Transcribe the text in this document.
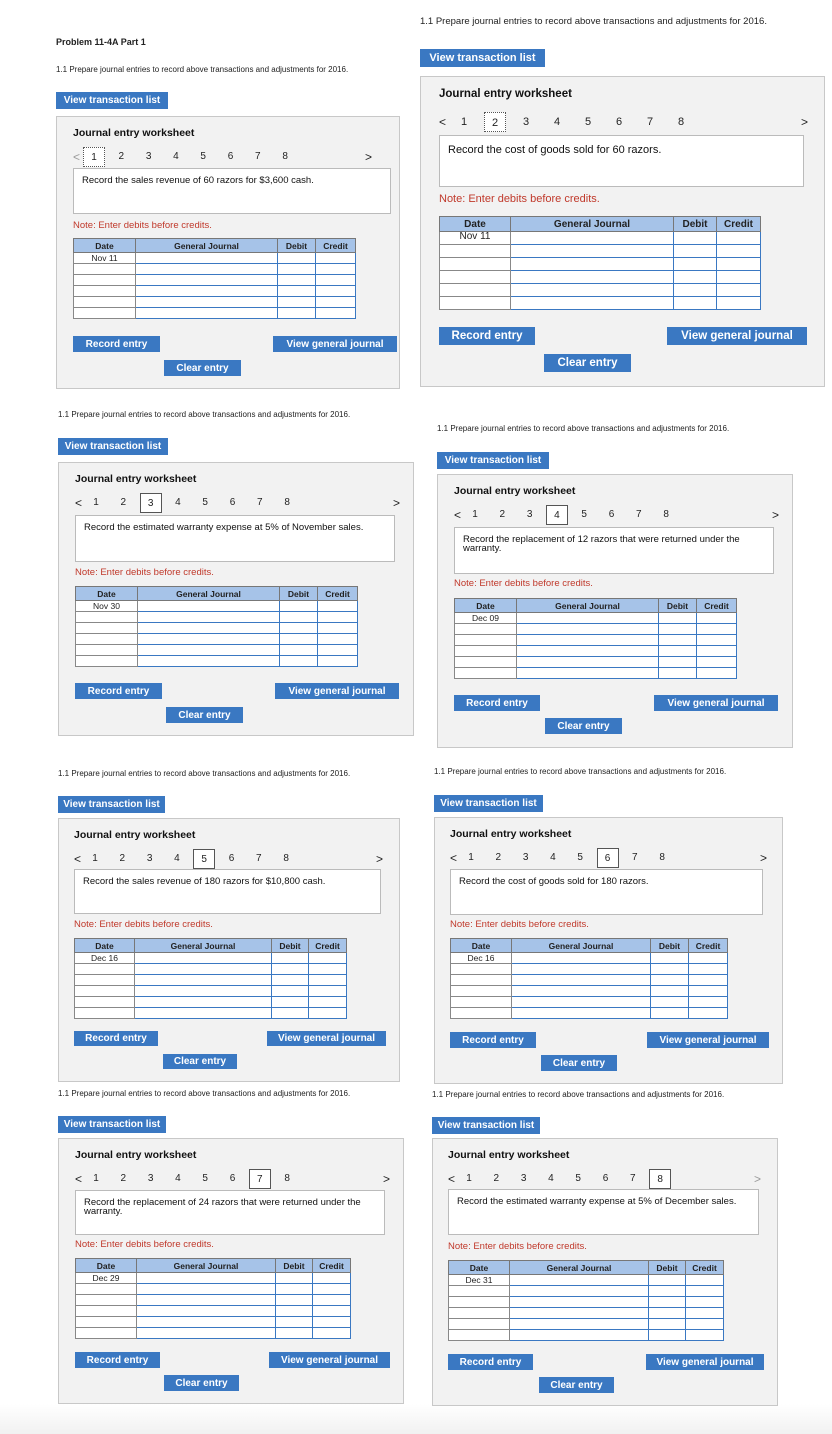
Problem 11-4A Part 1
1.1 Prepare journal entries to record above transactions and adjustments for 2016.
View transaction list
Journal entry worksheet
<	1	2	3	4	5	6	7	8	>
Record the sales revenue of 60 razors for $3,600 cash.
Note: Enter debits before credits.
Date	General Journal	Debit	Credit
Nov 11			

Record entry	View general journal
Clear entry
1.1 Prepare journal entries to record above transactions and adjustments for 2016.
View transaction list
Journal entry worksheet
<	1	2	3	4	5	6	7	8	>
Record the cost of goods sold for 60 razors.
Note: Enter debits before credits.
Date	General Journal	Debit	Credit
Nov 11			

Record entry	View general journal
Clear entry
1.1 Prepare journal entries to record above transactions and adjustments for 2016.
View transaction list
Journal entry worksheet
<	1	2	3	4	5	6	7	8	>
Record the estimated warranty expense at 5% of November sales.
Note: Enter debits before credits.
Date	General Journal	Debit	Credit
Nov 30			

Record entry	View general journal
Clear entry
1.1 Prepare journal entries to record above transactions and adjustments for 2016.
View transaction list
Journal entry worksheet
<	1	2	3	4	5	6	7	8	>
Record the replacement of 12 razors that were returned under the warranty.
Note: Enter debits before credits.
Date	General Journal	Debit	Credit
Dec 09			

Record entry	View general journal
Clear entry
1.1 Prepare journal entries to record above transactions and adjustments for 2016.
View transaction list
Journal entry worksheet
<	1	2	3	4	5	6	7	8	>
Record the sales revenue of 180 razors for $10,800 cash.
Note: Enter debits before credits.
Date	General Journal	Debit	Credit
Dec 16			

Record entry	View general journal
Clear entry
1.1 Prepare journal entries to record above transactions and adjustments for 2016.
View transaction list
Journal entry worksheet
<	1	2	3	4	5	6	7	8	>
Record the cost of goods sold for 180 razors.
Note: Enter debits before credits.
Date	General Journal	Debit	Credit
Dec 16			

Record entry	View general journal
Clear entry
1.1 Prepare journal entries to record above transactions and adjustments for 2016.
View transaction list
Journal entry worksheet
<	1	2	3	4	5	6	7	8	>
Record the replacement of 24 razors that were returned under the warranty.
Note: Enter debits before credits.
Date	General Journal	Debit	Credit
Dec 29			

Record entry	View general journal
Clear entry
1.1 Prepare journal entries to record above transactions and adjustments for 2016.
View transaction list
Journal entry worksheet
<	1	2	3	4	5	6	7	8	>
Record the estimated warranty expense at 5% of December sales.
Note: Enter debits before credits.
Date	General Journal	Debit	Credit
Dec 31			

Record entry	View general journal
Clear entry
